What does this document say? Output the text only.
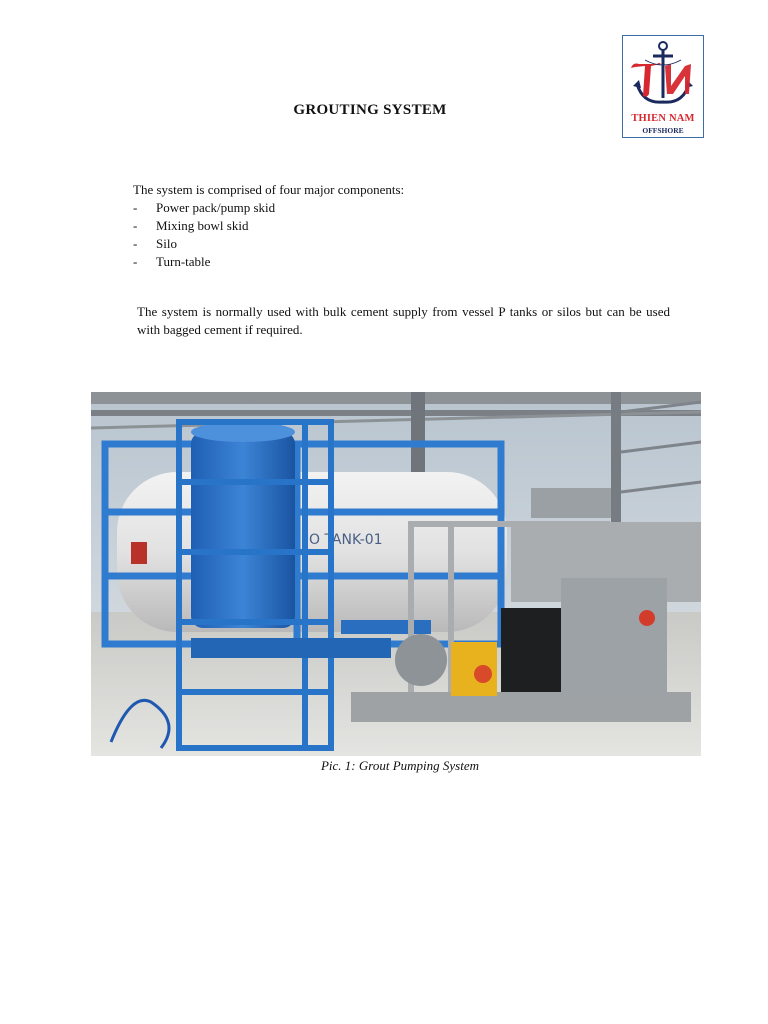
THIEN NAM
OFFSHORE
GROUTING SYSTEM
The system is comprised of four major components:
- Power pack/pump skid
- Mixing bowl skid
- Silo
- Turn-table
The system is normally used with bulk cement supply from vessel P tanks or silos but can be used with bagged cement if required.
O TANK-01
Pic. 1: Grout Pumping System
